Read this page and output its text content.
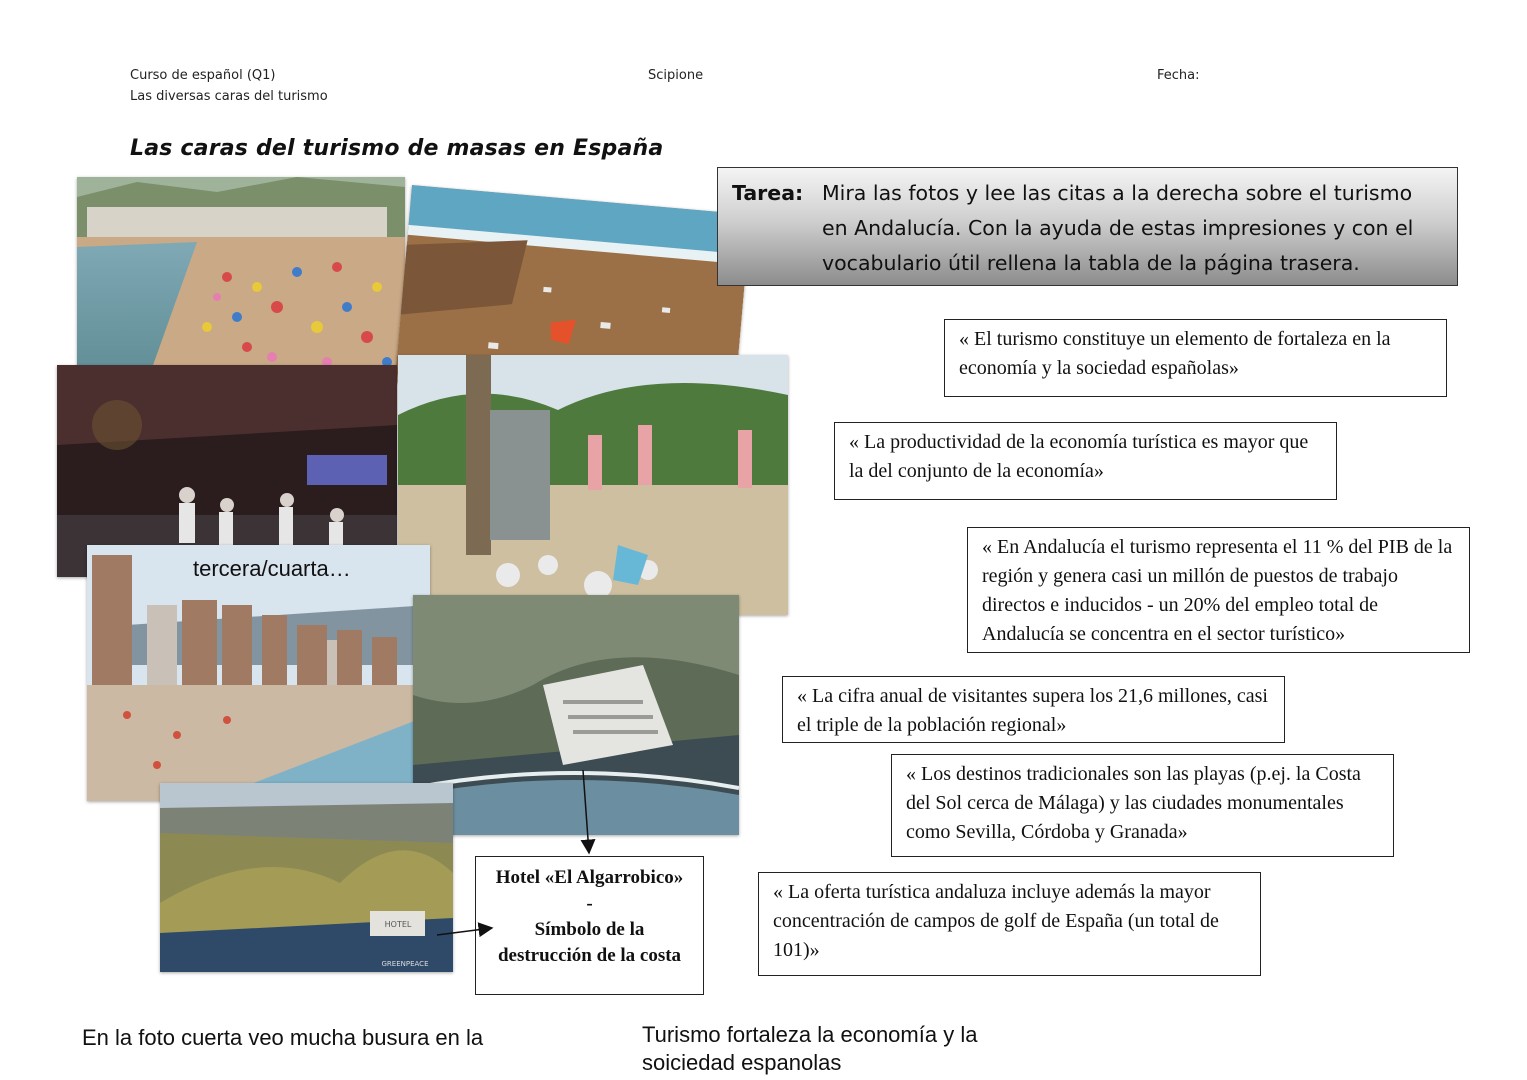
Curso de español (Q1)
Las diversas caras del turismo
Scipione	Fecha:
Las caras del turismo de masas en España
tercera/cuarta…
HOTEL
GREENPEACE
Hotel «El Algarrobico»
-
Símbolo de la
destrucción de la costa
Tarea: Mira las fotos y lee las citas a la derecha sobre el turismo en Andalucía. Con la ayuda de estas impresiones y con el vocabulario útil rellena la tabla de la página trasera.
« El turismo constituye un elemento de fortaleza en la economía y la sociedad españolas»
« La productividad de la economía turística es mayor que la del conjunto de la economía»
« En Andalucía el turismo representa el 11 % del PIB de la región y genera casi un millón de puestos de trabajo directos e inducidos - un 20% del empleo total de Andalucía se concentra en el sector turístico»
« La cifra anual de visitantes supera los 21,6 millones, casi el triple de la población regional»
« Los destinos tradicionales son las playas (p.ej. la Costa del Sol cerca de Málaga) y las ciudades monumentales como Sevilla, Córdoba y Granada»
« La oferta turística andaluza incluye además la mayor concentración de campos de golf de España (un total de 101)»
En la foto cuerta veo mucha busura en la	Turismo fortaleza la economía y la
soiciedad espanolas
